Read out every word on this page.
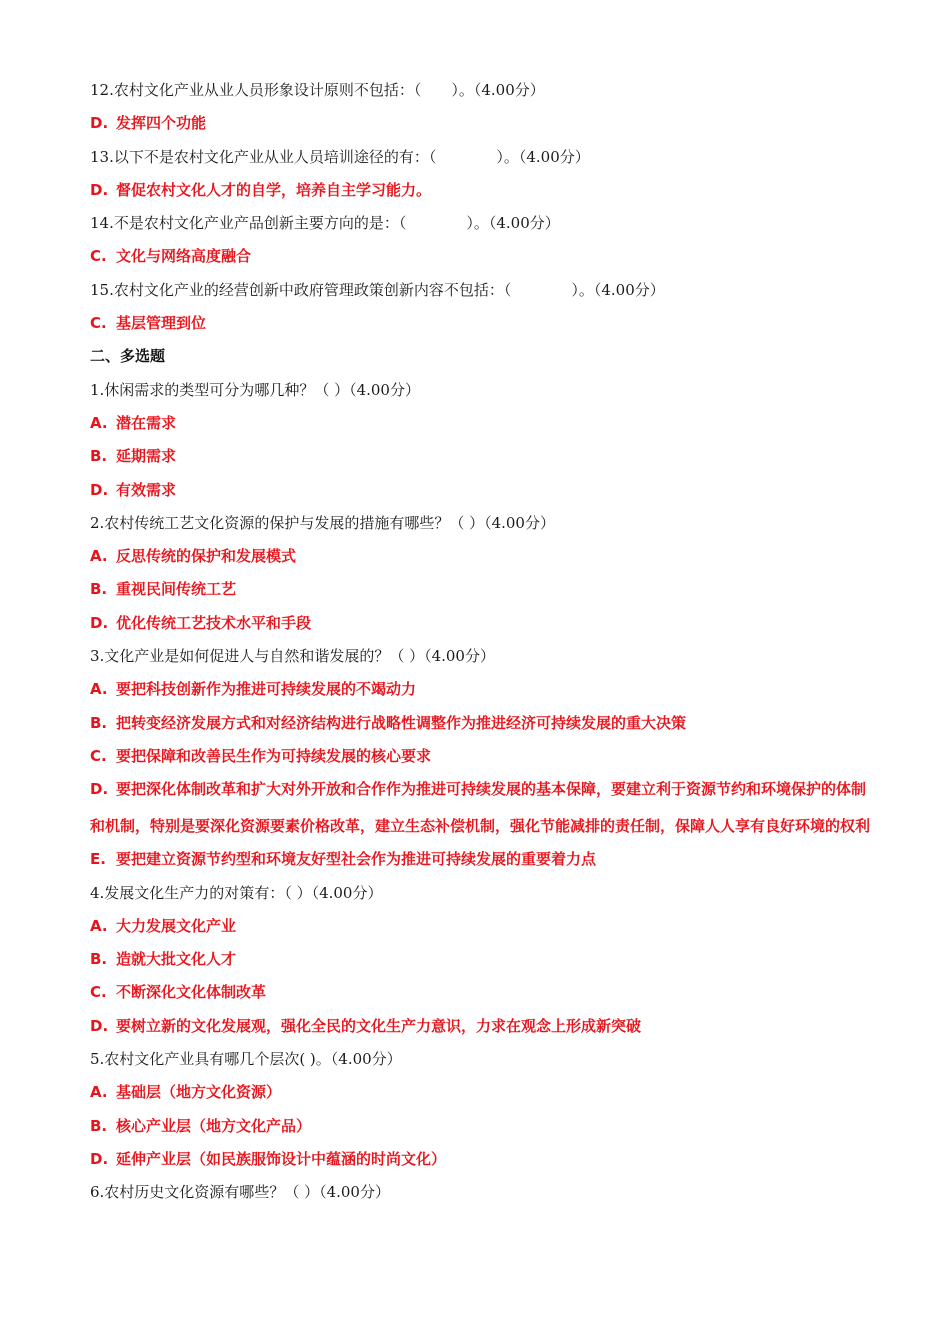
12.农村文化产业从业人员形象设计原则不包括：（　　）。（4.00分）
D. 发挥四个功能
13.以下不是农村文化产业从业人员培训途径的有：（　　　　）。（4.00分）
D. 督促农村文化人才的自学，培养自主学习能力。
14.不是农村文化产业产品创新主要方向的是：（　　　　）。（4.00分）
C. 文化与网络高度融合
15.农村文化产业的经营创新中政府管理政策创新内容不包括：（　　　　）。（4.00分）
C. 基层管理到位
二、多选题
1.休闲需求的类型可分为哪几种？（ ）（4.00分）
A. 潜在需求
B. 延期需求
D. 有效需求
2.农村传统工艺文化资源的保护与发展的措施有哪些？（ ）（4.00分）
A. 反思传统的保护和发展模式
B. 重视民间传统工艺
D. 优化传统工艺技术水平和手段
3.文化产业是如何促进人与自然和谐发展的？（ ）（4.00分）
A. 要把科技创新作为推进可持续发展的不竭动力
B. 把转变经济发展方式和对经济结构进行战略性调整作为推进经济可持续发展的重大决策
C. 要把保障和改善民生作为可持续发展的核心要求
D. 要把深化体制改革和扩大对外开放和合作作为推进可持续发展的基本保障，要建立利于资源节约和环境保护的体制和机制，特别是要深化资源要素价格改革，建立生态补偿机制，强化节能减排的责任制，保障人人享有良好环境的权利
E. 要把建立资源节约型和环境友好型社会作为推进可持续发展的重要着力点
4.发展文化生产力的对策有：（ ）（4.00分）
A. 大力发展文化产业
B. 造就大批文化人才
C. 不断深化文化体制改革
D. 要树立新的文化发展观，强化全民的文化生产力意识，力求在观念上形成新突破
5.农村文化产业具有哪几个层次( )。（4.00分）
A. 基础层（地方文化资源）
B. 核心产业层（地方文化产品）
D. 延伸产业层（如民族服饰设计中蕴涵的时尚文化）
6.农村历史文化资源有哪些？（ ）（4.00分）
